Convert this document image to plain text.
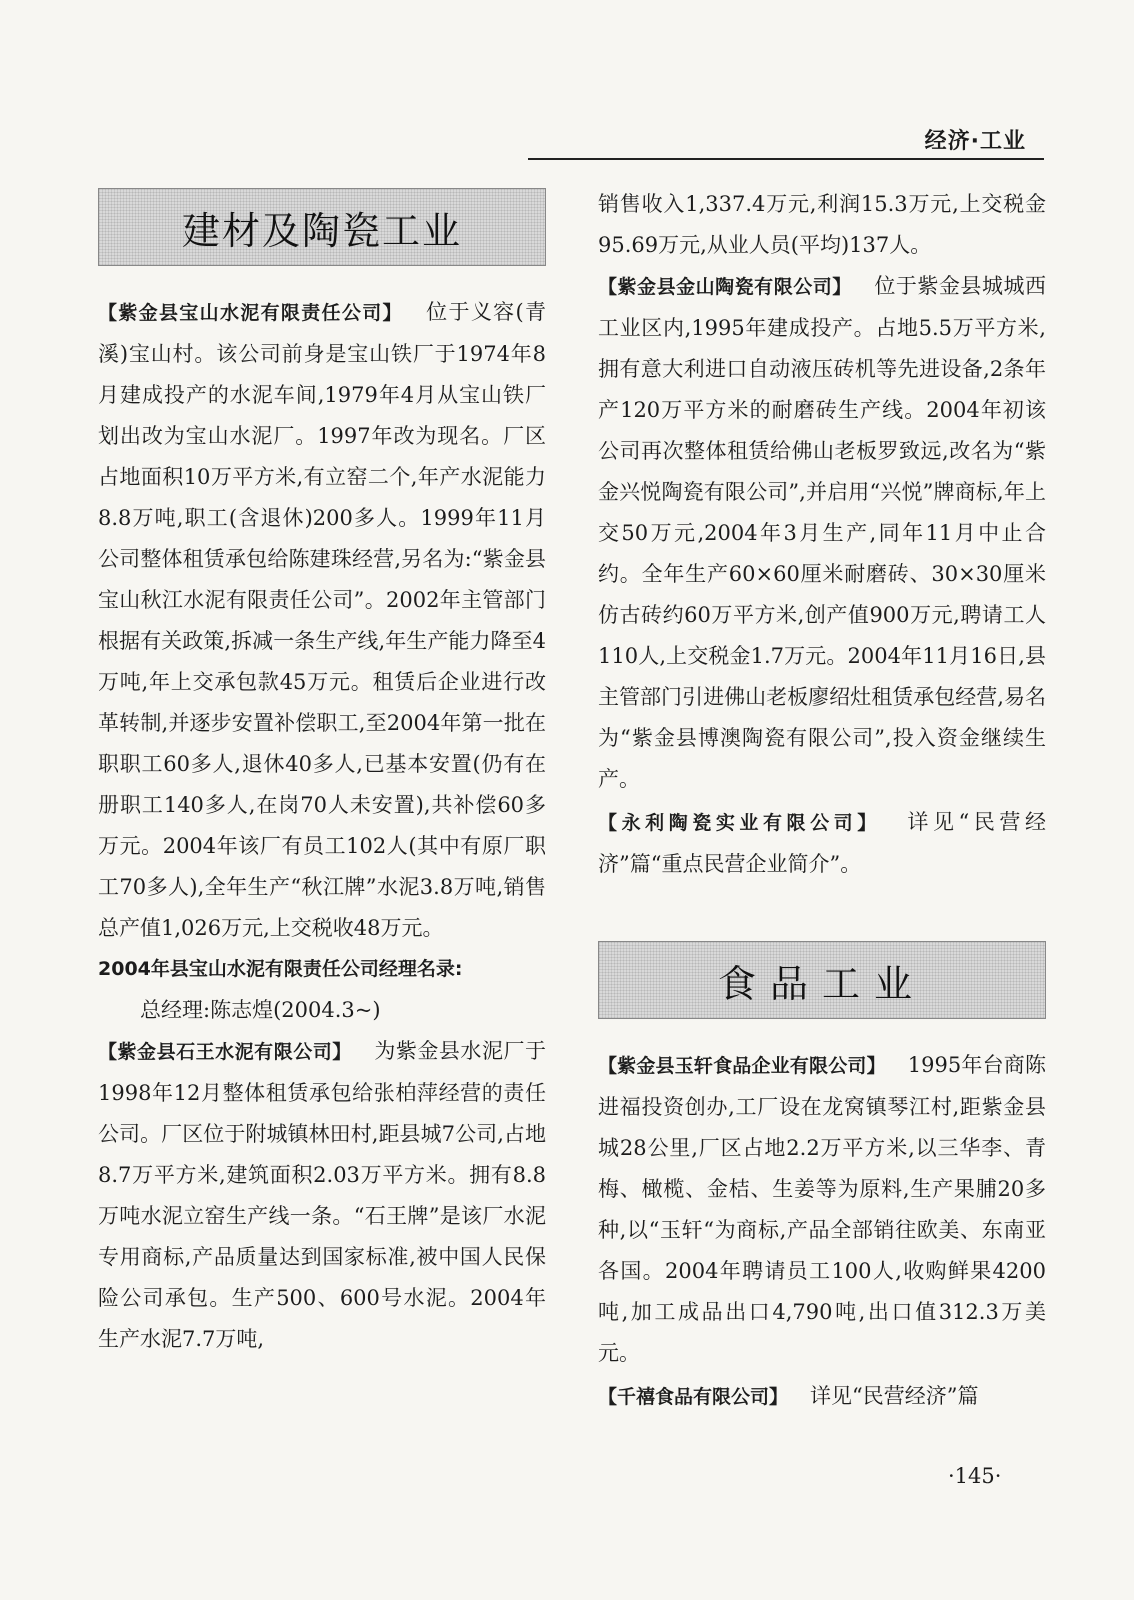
经济·工业
建材及陶瓷工业

【紫金县宝山水泥有限责任公司】 位于义容(青溪)宝山村。该公司前身是宝山铁厂于1974年8月建成投产的水泥车间,1979年4月从宝山铁厂划出改为宝山水泥厂。1997年改为现名。厂区占地面积10万平方米,有立窑二个,年产水泥能力8.8万吨,职工(含退休)200多人。1999年11月公司整体租赁承包给陈建珠经营,另名为:“紫金县宝山秋江水泥有限责任公司”。2002年主管部门根据有关政策,拆减一条生产线,年生产能力降至4万吨,年上交承包款45万元。租赁后企业进行改革转制,并逐步安置补偿职工,至2004年第一批在职职工60多人,退休40多人,已基本安置(仍有在册职工140多人,在岗70人未安置),共补偿60多万元。2004年该厂有员工102人(其中有原厂职工70多人),全年生产“秋江牌”水泥3.8万吨,销售总产值1,026万元,上交税收48万元。

2004年县宝山水泥有限责任公司经理名录:

总经理:陈志煌(2004.3~)

【紫金县石王水泥有限公司】 为紫金县水泥厂于1998年12月整体租赁承包给张柏萍经营的责任公司。厂区位于附城镇林田村,距县城7公司,占地8.7万平方米,建筑面积2.03万平方米。拥有8.8万吨水泥立窑生产线一条。“石王牌”是该厂水泥专用商标,产品质量达到国家标准,被中国人民保险公司承包。生产500、600号水泥。2004年生产水泥7.7万吨,

销售收入1,337.4万元,利润15.3万元,上交税金95.69万元,从业人员(平均)137人。

【紫金县金山陶瓷有限公司】 位于紫金县城城西工业区内,1995年建成投产。占地5.5万平方米,拥有意大利进口自动液压砖机等先进设备,2条年产120万平方米的耐磨砖生产线。2004年初该公司再次整体租赁给佛山老板罗致远,改名为“紫金兴悦陶瓷有限公司”,并启用“兴悦”牌商标,年上交50万元,2004年3月生产,同年11月中止合约。全年生产60×60厘米耐磨砖、30×30厘米仿古砖约60万平方米,创产值900万元,聘请工人110人,上交税金1.7万元。2004年11月16日,县主管部门引进佛山老板廖绍灶租赁承包经营,易名为“紫金县博澳陶瓷有限公司”,投入资金继续生产。

【永利陶瓷实业有限公司】 详见“民营经济”篇“重点民营企业简介”。

食品工业

【紫金县玉轩食品企业有限公司】 1995年台商陈进福投资创办,工厂设在龙窝镇琴江村,距紫金县城28公里,厂区占地2.2万平方米,以三华李、青梅、橄榄、金桔、生姜等为原料,生产果脯20多种,以“玉轩“为商标,产品全部销往欧美、东南亚各国。2004年聘请员工100人,收购鲜果4200吨,加工成品出口4,790吨,出口值312.3万美元。

【千禧食品有限公司】 详见“民营经济”篇

·145·
